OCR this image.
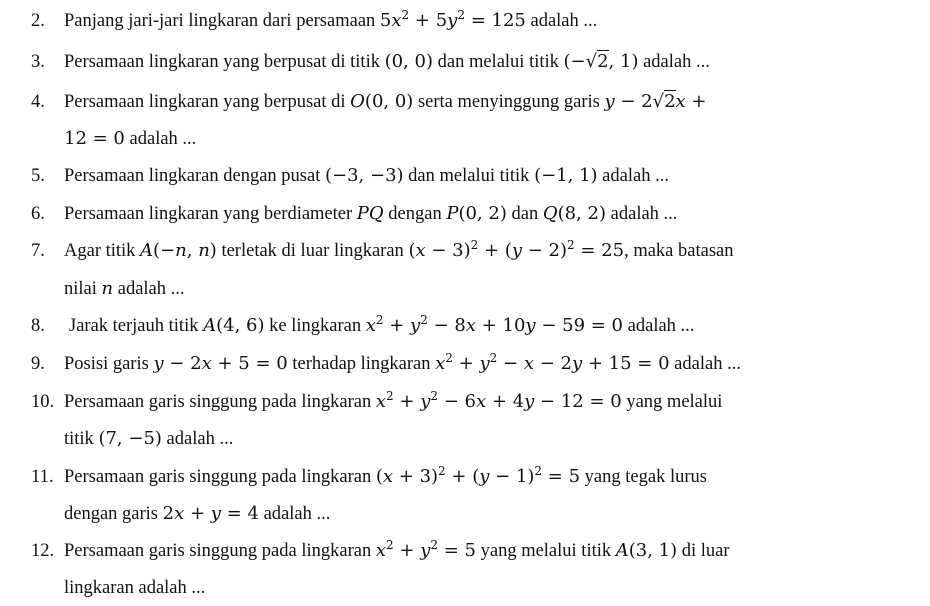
2. Panjang jari-jari lingkaran dari persamaan $5x^2 + 5y^2 = 125$ adalah ...
3. Persamaan lingkaran yang berpusat di titik (0, 0) dan melalui titik (−√2, 1) adalah ...
4. Persamaan lingkaran yang berpusat di O(0, 0) serta menyinggung garis y − 2√2x +
12 = 0 adalah ...
5. Persamaan lingkaran dengan pusat (−3, −3) dan melalui titik (−1, 1) adalah ...
6. Persamaan lingkaran yang berdiameter PQ dengan P(0, 2) dan Q(8, 2) adalah ...
7. Agar titik A(−n, n) terletak di luar lingkaran $(x - 3)^2 + (y - 2)^2 = 25$, maka batasan
nilai n adalah ...
8. Jarak terjauh titik A(4, 6) ke lingkaran $x^2 + y^2 - 8x + 10y - 59 = 0$ adalah ...
9. Posisi garis y − 2x + 5 = 0 terhadap lingkaran $x^2 + y^2 - x - 2y + 15 = 0$ adalah ...
10. Persamaan garis singgung pada lingkaran $x^2 + y^2 - 6x + 4y - 12 = 0$ yang melalui
titik (7, −5) adalah ...
11. Persamaan garis singgung pada lingkaran $(x + 3)^2 + (y - 1)^2 = 5$ yang tegak lurus
dengan garis 2x + y = 4 adalah ...
12. Persamaan garis singgung pada lingkaran $x^2 + y^2 = 5$ yang melalui titik A(3, 1) di luar
lingkaran adalah ...
